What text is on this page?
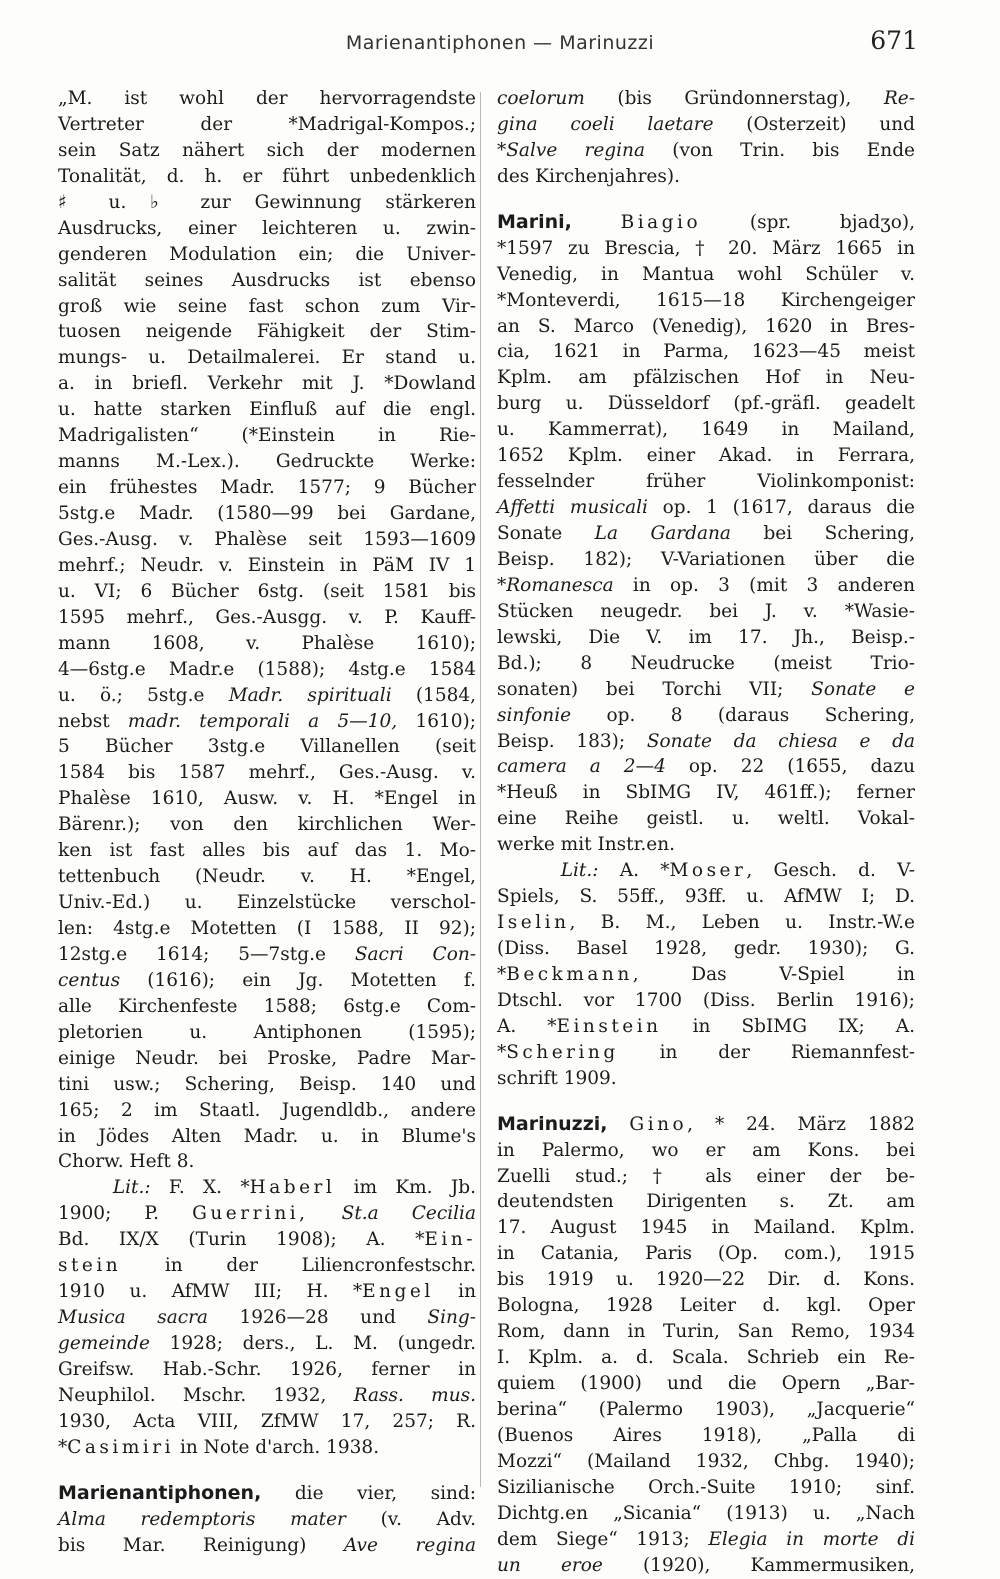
Marienantiphonen — Marinuzzi	671
„M. ist wohl der hervorragendste
Vertreter der *Madrigal-Kompos.;
sein Satz nähert sich der modernen
Tonalität, d. h. er führt unbedenklich
♯ u. ♭ zur Gewinnung stärkeren
Ausdrucks, einer leichteren u. zwin-
genderen Modulation ein; die Univer-
salität seines Ausdrucks ist ebenso
groß wie seine fast schon zum Vir-
tuosen neigende Fähigkeit der Stim-
mungs- u. Detailmalerei. Er stand u.
a. in briefl. Verkehr mit J. *Dowland
u. hatte starken Einfluß auf die engl.
Madrigalisten“ (*Einstein in Rie-
manns M.-Lex.). Gedruckte Werke:
ein frühestes Madr. 1577; 9 Bücher
5stg.e Madr. (1580—99 bei Gardane,
Ges.-Ausg. v. Phalèse seit 1593—1609
mehrf.; Neudr. v. Einstein in PäM IV 1
u. VI; 6 Bücher 6stg. (seit 1581 bis
1595 mehrf., Ges.-Ausgg. v. P. Kauff-
mann 1608, v. Phalèse 1610);
4—6stg.e Madr.e (1588); 4stg.e 1584
u. ö.; 5stg.e Madr. spirituali (1584,
nebst madr. temporali a 5—10, 1610);
5 Bücher 3stg.e Villanellen (seit
1584 bis 1587 mehrf., Ges.-Ausg. v.
Phalèse 1610, Ausw. v. H. *Engel in
Bärenr.); von den kirchlichen Wer-
ken ist fast alles bis auf das 1. Mo-
tettenbuch (Neudr. v. H. *Engel,
Univ.-Ed.) u. Einzelstücke verschol-
len: 4stg.e Motetten (I 1588, II 92);
12stg.e 1614; 5—7stg.e Sacri Con-
centus (1616); ein Jg. Motetten f.
alle Kirchenfeste 1588; 6stg.e Com-
pletorien u. Antiphonen (1595);
einige Neudr. bei Proske, Padre Mar-
tini usw.; Schering, Beisp. 140 und
165; 2 im Staatl. Jugendldb., andere
in Jödes Alten Madr. u. in Blume's
Chorw. Heft 8.
Lit.: F. X. *Haberl im Km. Jb.
1900; P. Guerrini, St.a Cecilia
Bd. IX/X (Turin 1908); A. *Ein-
stein in der Liliencronfestschr.
1910 u. AfMW III; H. *Engel in
Musica sacra 1926—28 und Sing-
gemeinde 1928; ders., L. M. (ungedr.
Greifsw. Hab.-Schr. 1926, ferner in
Neuphilol. Mschr. 1932, Rass. mus.
1930, Acta VIII, ZfMW 17, 257; R.
*Casimiri in Note d'arch. 1938.
Marienantiphonen, die vier, sind:
Alma redemptoris mater (v. Adv.
bis Mar. Reinigung) Ave regina
coelorum (bis Gründonnerstag), Re-
gina coeli laetare (Osterzeit) und
*Salve regina (von Trin. bis Ende
des Kirchenjahres).
Marini,	Biagio	(spr. bjadʒo),
*1597 zu Brescia, † 20. März 1665 in
Venedig, in Mantua wohl Schüler v.
*Monteverdi, 1615—18 Kirchengeiger
an S. Marco (Venedig), 1620 in Bres-
cia, 1621 in Parma, 1623—45 meist
Kplm. am pfälzischen Hof in Neu-
burg u. Düsseldorf (pf.-gräfl. geadelt
u. Kammerrat), 1649 in Mailand,
1652 Kplm. einer Akad. in Ferrara,
fesselnder früher Violinkomponist:
Affetti musicali op. 1 (1617, daraus die
Sonate La Gardana bei Schering,
Beisp. 182); V-Variationen über die
*Romanesca in op. 3 (mit 3 anderen
Stücken neugedr. bei J. v. *Wasie-
lewski, Die V. im 17. Jh., Beisp.-
Bd.); 8 Neudrucke (meist Trio-
sonaten) bei Torchi VII; Sonate e
sinfonie op. 8 (daraus Schering,
Beisp. 183); Sonate da chiesa e da
camera a 2—4 op. 22 (1655, dazu
*Heuß in SbIMG IV, 461ff.); ferner
eine Reihe geistl. u. weltl. Vokal-
werke mit Instr.en.
Lit.: A. *Moser, Gesch. d. V-
Spiels, S. 55ff., 93ff. u. AfMW I; D.
Iselin, B. M., Leben u. Instr.-W.e
(Diss. Basel 1928, gedr. 1930); G.
*Beckmann, Das V-Spiel in
Dtschl. vor 1700 (Diss. Berlin 1916);
A. *Einstein in SbIMG IX; A.
*Schering in der Riemannfest-
schrift 1909.
Marinuzzi, Gino, * 24. März 1882
in Palermo, wo er am Kons. bei
Zuelli stud.; † als einer der be-
deutendsten Dirigenten s. Zt. am
17. August 1945 in Mailand. Kplm.
in Catania, Paris (Op. com.), 1915
bis 1919 u. 1920—22 Dir. d. Kons.
Bologna, 1928 Leiter d. kgl. Oper
Rom, dann in Turin, San Remo, 1934
I. Kplm. a. d. Scala. Schrieb ein Re-
quiem (1900) und die Opern „Bar-
berina“ (Palermo 1903), „Jacquerie“
(Buenos Aires 1918), „Palla di
Mozzi“ (Mailand 1932, Chbg. 1940);
Sizilianische Orch.-Suite 1910; sinf.
Dichtg.en „Sicania“ (1913) u. „Nach
dem Siege“ 1913; Elegia in morte di
un eroe (1920), Kammermusiken,
